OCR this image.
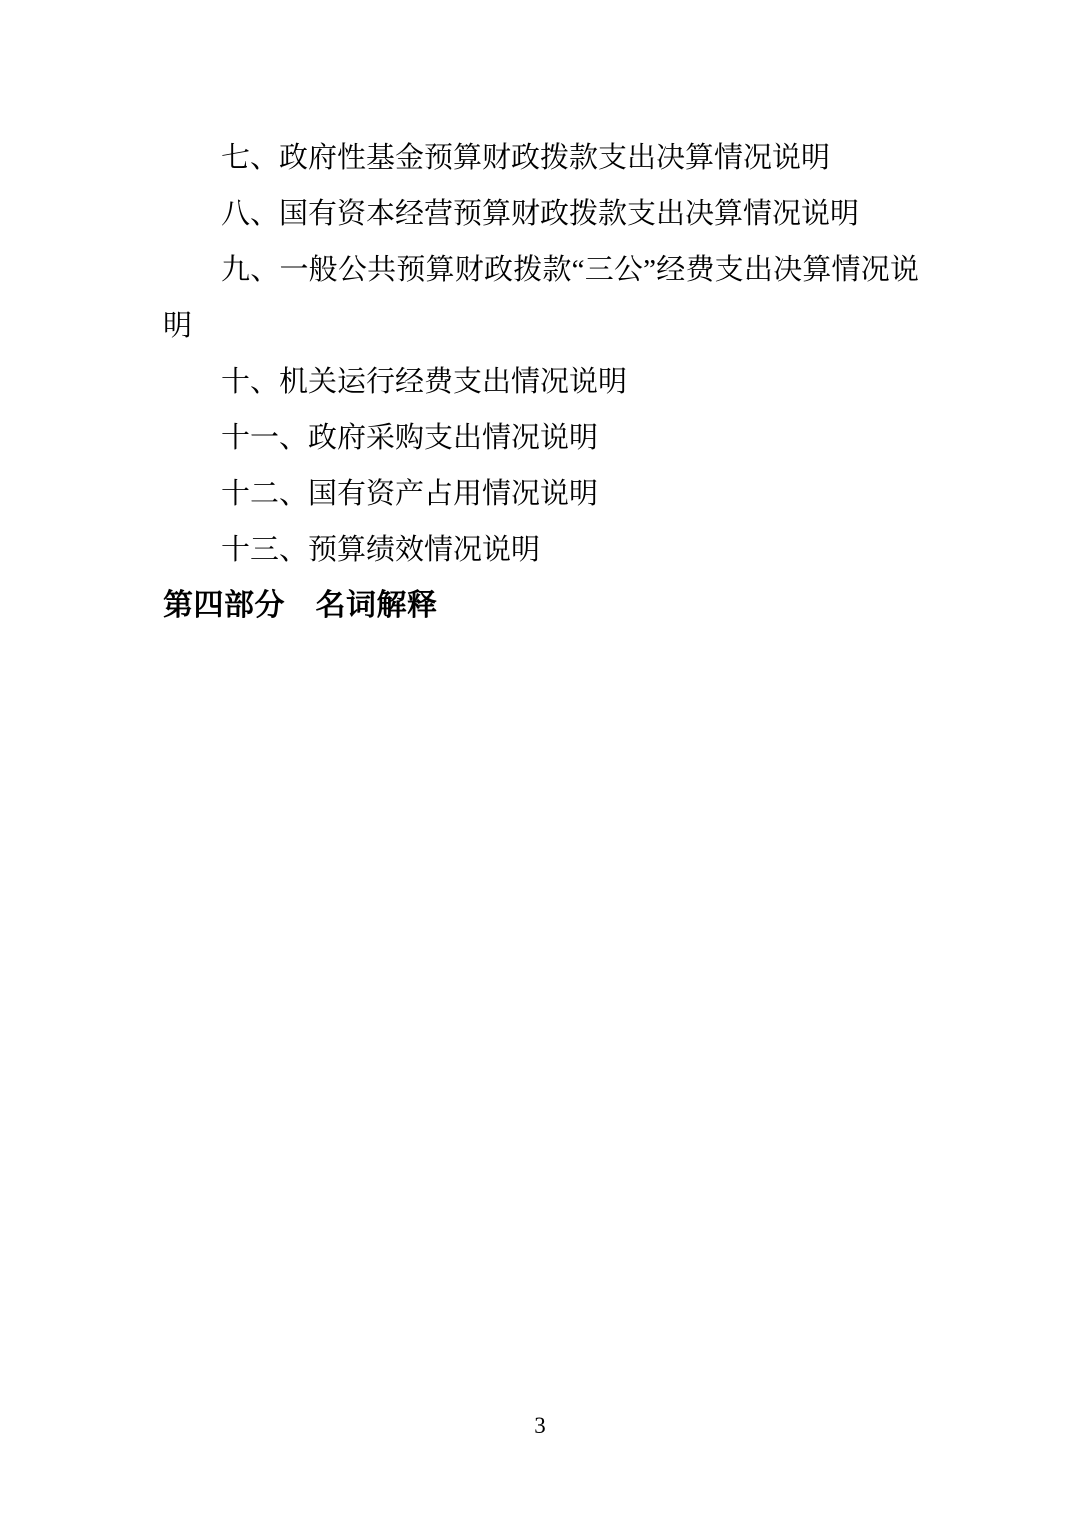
七、政府性基金预算财政拨款支出决算情况说明

八、国有资本经营预算财政拨款支出决算情况说明

九、一般公共预算财政拨款“三公”经费支出决算情况说明

十、机关运行经费支出情况说明

十一、政府采购支出情况说明

十二、国有资产占用情况说明

十三、预算绩效情况说明

第四部分　名词解释
3
